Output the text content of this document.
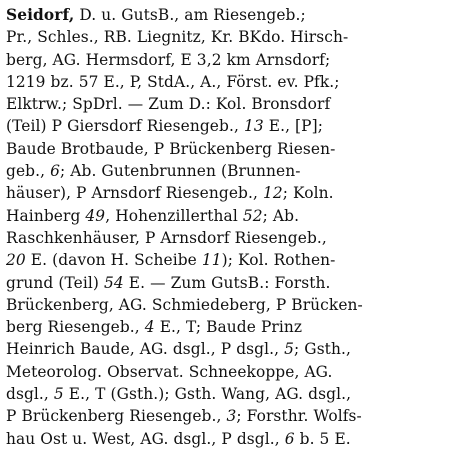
Seidorf, D. u. GutsB., am Riesengeb.;
Pr., Schles., RB. Liegnitz, Kr. BKdo. Hirsch-
berg, AG. Hermsdorf, E 3,2 km Arnsdorf;
1219 bz. 57 E., P, StdA., A., Först. ev. Pfk.;
Elktrw.; SpDrl. — Zum D.: Kol. Bronsdorf
(Teil) P Giersdorf Riesengeb., 13 E., [P];
Baude Brotbaude, P Brückenberg Riesen-
geb., 6; Ab. Gutenbrunnen (Brunnen-
häuser), P Arnsdorf Riesengeb., 12; Koln.
Hainberg 49, Hohenzillerthal 52; Ab.
Raschkenhäuser, P Arnsdorf Riesengeb.,
20 E. (davon H. Scheibe 11); Kol. Rothen-
grund (Teil) 54 E. — Zum GutsB.: Forsth.
Brückenberg, AG. Schmiedeberg, P Brücken-
berg Riesengeb., 4 E., T; Baude Prinz
Heinrich Baude, AG. dsgl., P dsgl., 5; Gsth.,
Meteorolog. Observat. Schneekoppe, AG.
dsgl., 5 E., T (Gsth.); Gsth. Wang, AG. dsgl.,
P Brückenberg Riesengeb., 3; Forsthr. Wolfs-
hau Ost u. West, AG. dsgl., P dsgl., 6 b. 5 E.
